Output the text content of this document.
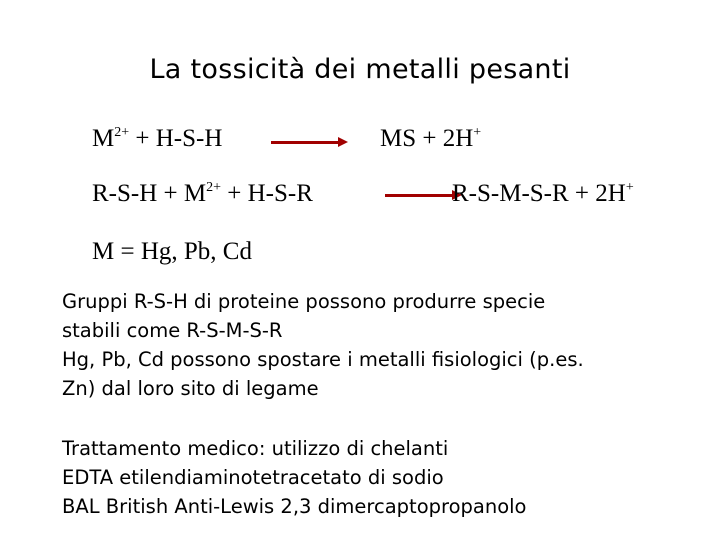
La tossicità dei metalli pesanti
$M^{2+} + H-S-H$	MS + 2H+
$R-S-H + M^{2+} + H-S-R$	R-S-M-S-R + 2H+
M = Hg, Pb, Cd
Gruppi R-S-H di proteine possono produrre specie
stabili come R-S-M-S-R
Hg, Pb, Cd possono spostare i metalli fisiologici (p.es.
Zn) dal loro sito di legame
Trattamento medico: utilizzo di chelanti
EDTA etilendiaminotetracetato di sodio
BAL British Anti-Lewis 2,3 dimercaptopropanolo
